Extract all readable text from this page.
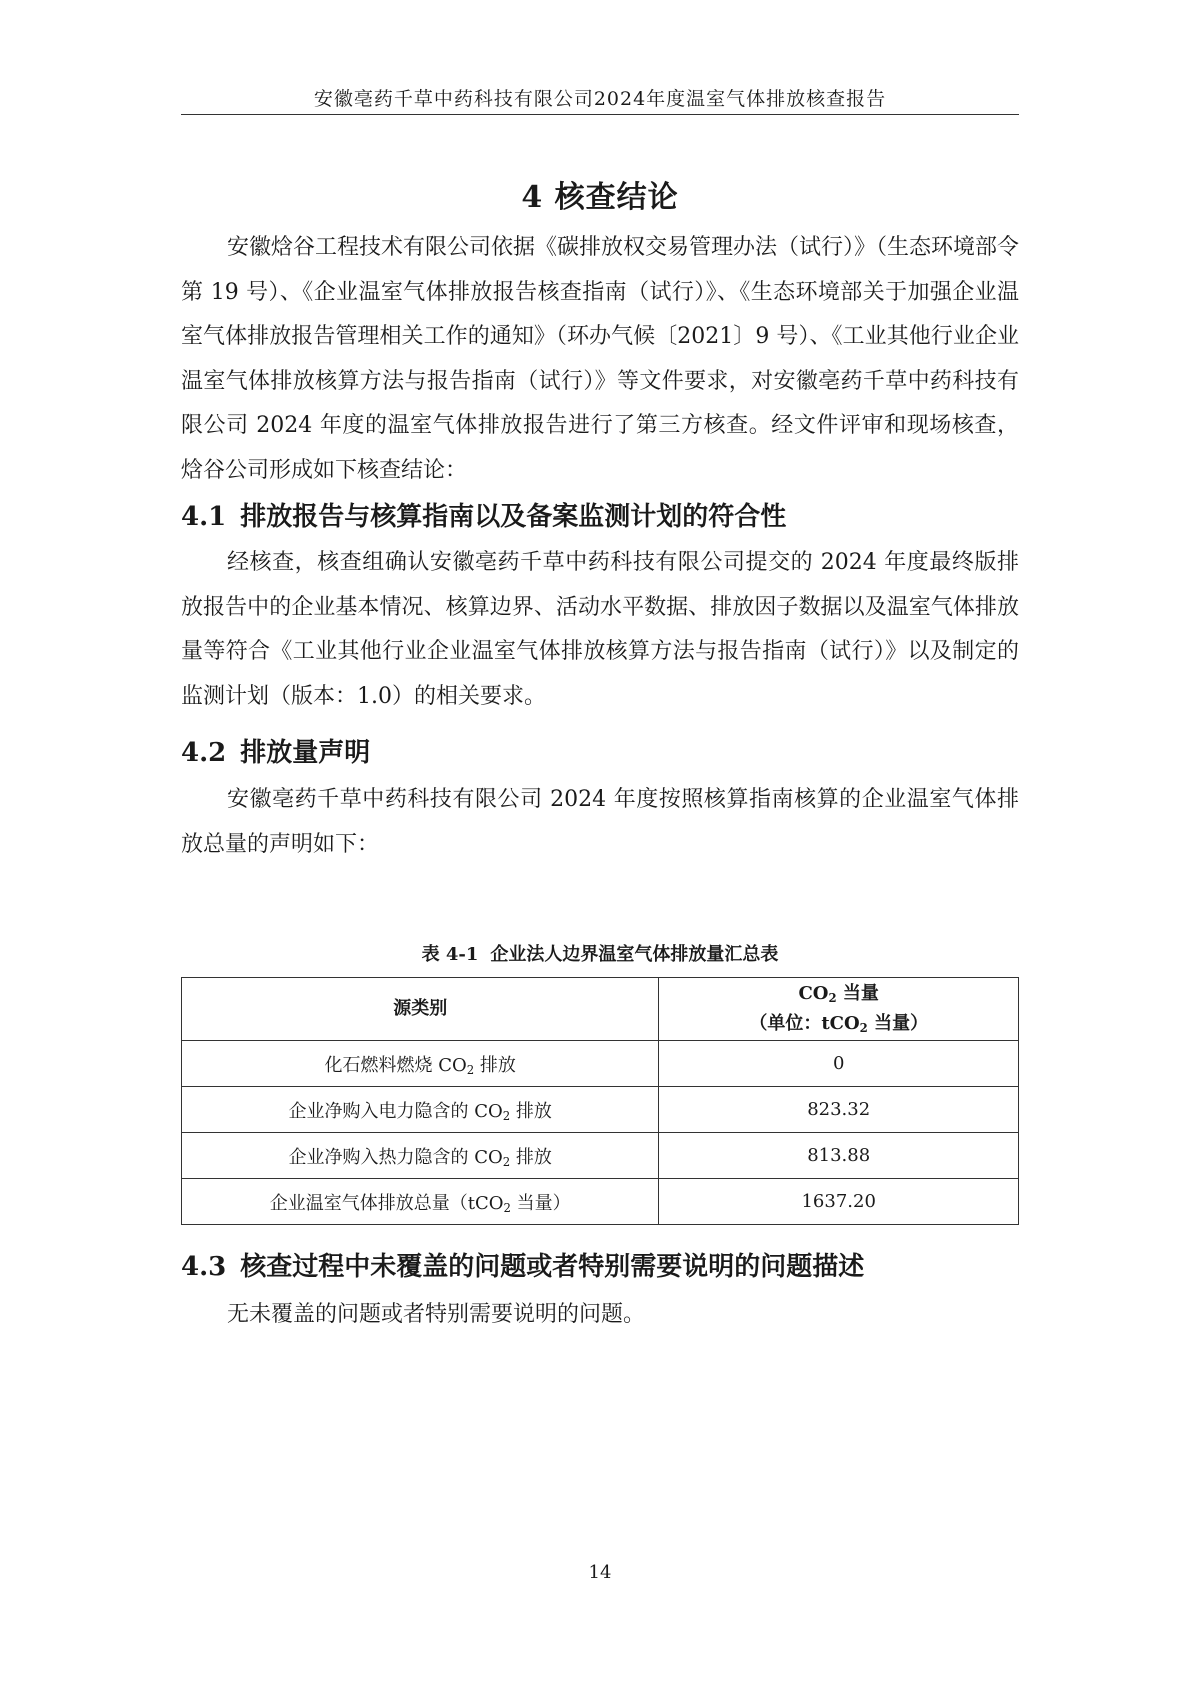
安徽亳药千草中药科技有限公司2024年度温室气体排放核查报告
4 核查结论

安徽焓谷工程技术有限公司依据《碳排放权交易管理办法（试行）》（生态环境部令第 19 号）、《企业温室气体排放报告核查指南（试行）》、《生态环境部关于加强企业温室气体排放报告管理相关工作的通知》（环办气候〔2021〕9 号）、《工业其他行业企业温室气体排放核算方法与报告指南（试行）》等文件要求，对安徽亳药千草中药科技有限公司 2024 年度的温室气体排放报告进行了第三方核查。经文件评审和现场核查，焓谷公司形成如下核查结论：

4.1 排放报告与核算指南以及备案监测计划的符合性

经核查，核查组确认安徽亳药千草中药科技有限公司提交的 2024 年度最终版排放报告中的企业基本情况、核算边界、活动水平数据、排放因子数据以及温室气体排放量等符合《工业其他行业企业温室气体排放核算方法与报告指南（试行）》以及制定的监测计划（版本：1.0）的相关要求。

4.2 排放量声明

安徽亳药千草中药科技有限公司 2024 年度按照核算指南核算的企业温室气体排放总量的声明如下：

表 4-1 企业法人边界温室气体排放量汇总表
源类别	$CO_2$ 当量
（单位：tCO$_2$ 当量）

化石燃料燃烧 $CO_2$ 排放	0
企业净购入电力隐含的 $CO_2$ 排放	823.32
企业净购入热力隐含的 $CO_2$ 排放	813.88
企业温室气体排放总量（tCO$_2$ 当量）	1637.20
4.3 核查过程中未覆盖的问题或者特别需要说明的问题描述

无未覆盖的问题或者特别需要说明的问题。

14
